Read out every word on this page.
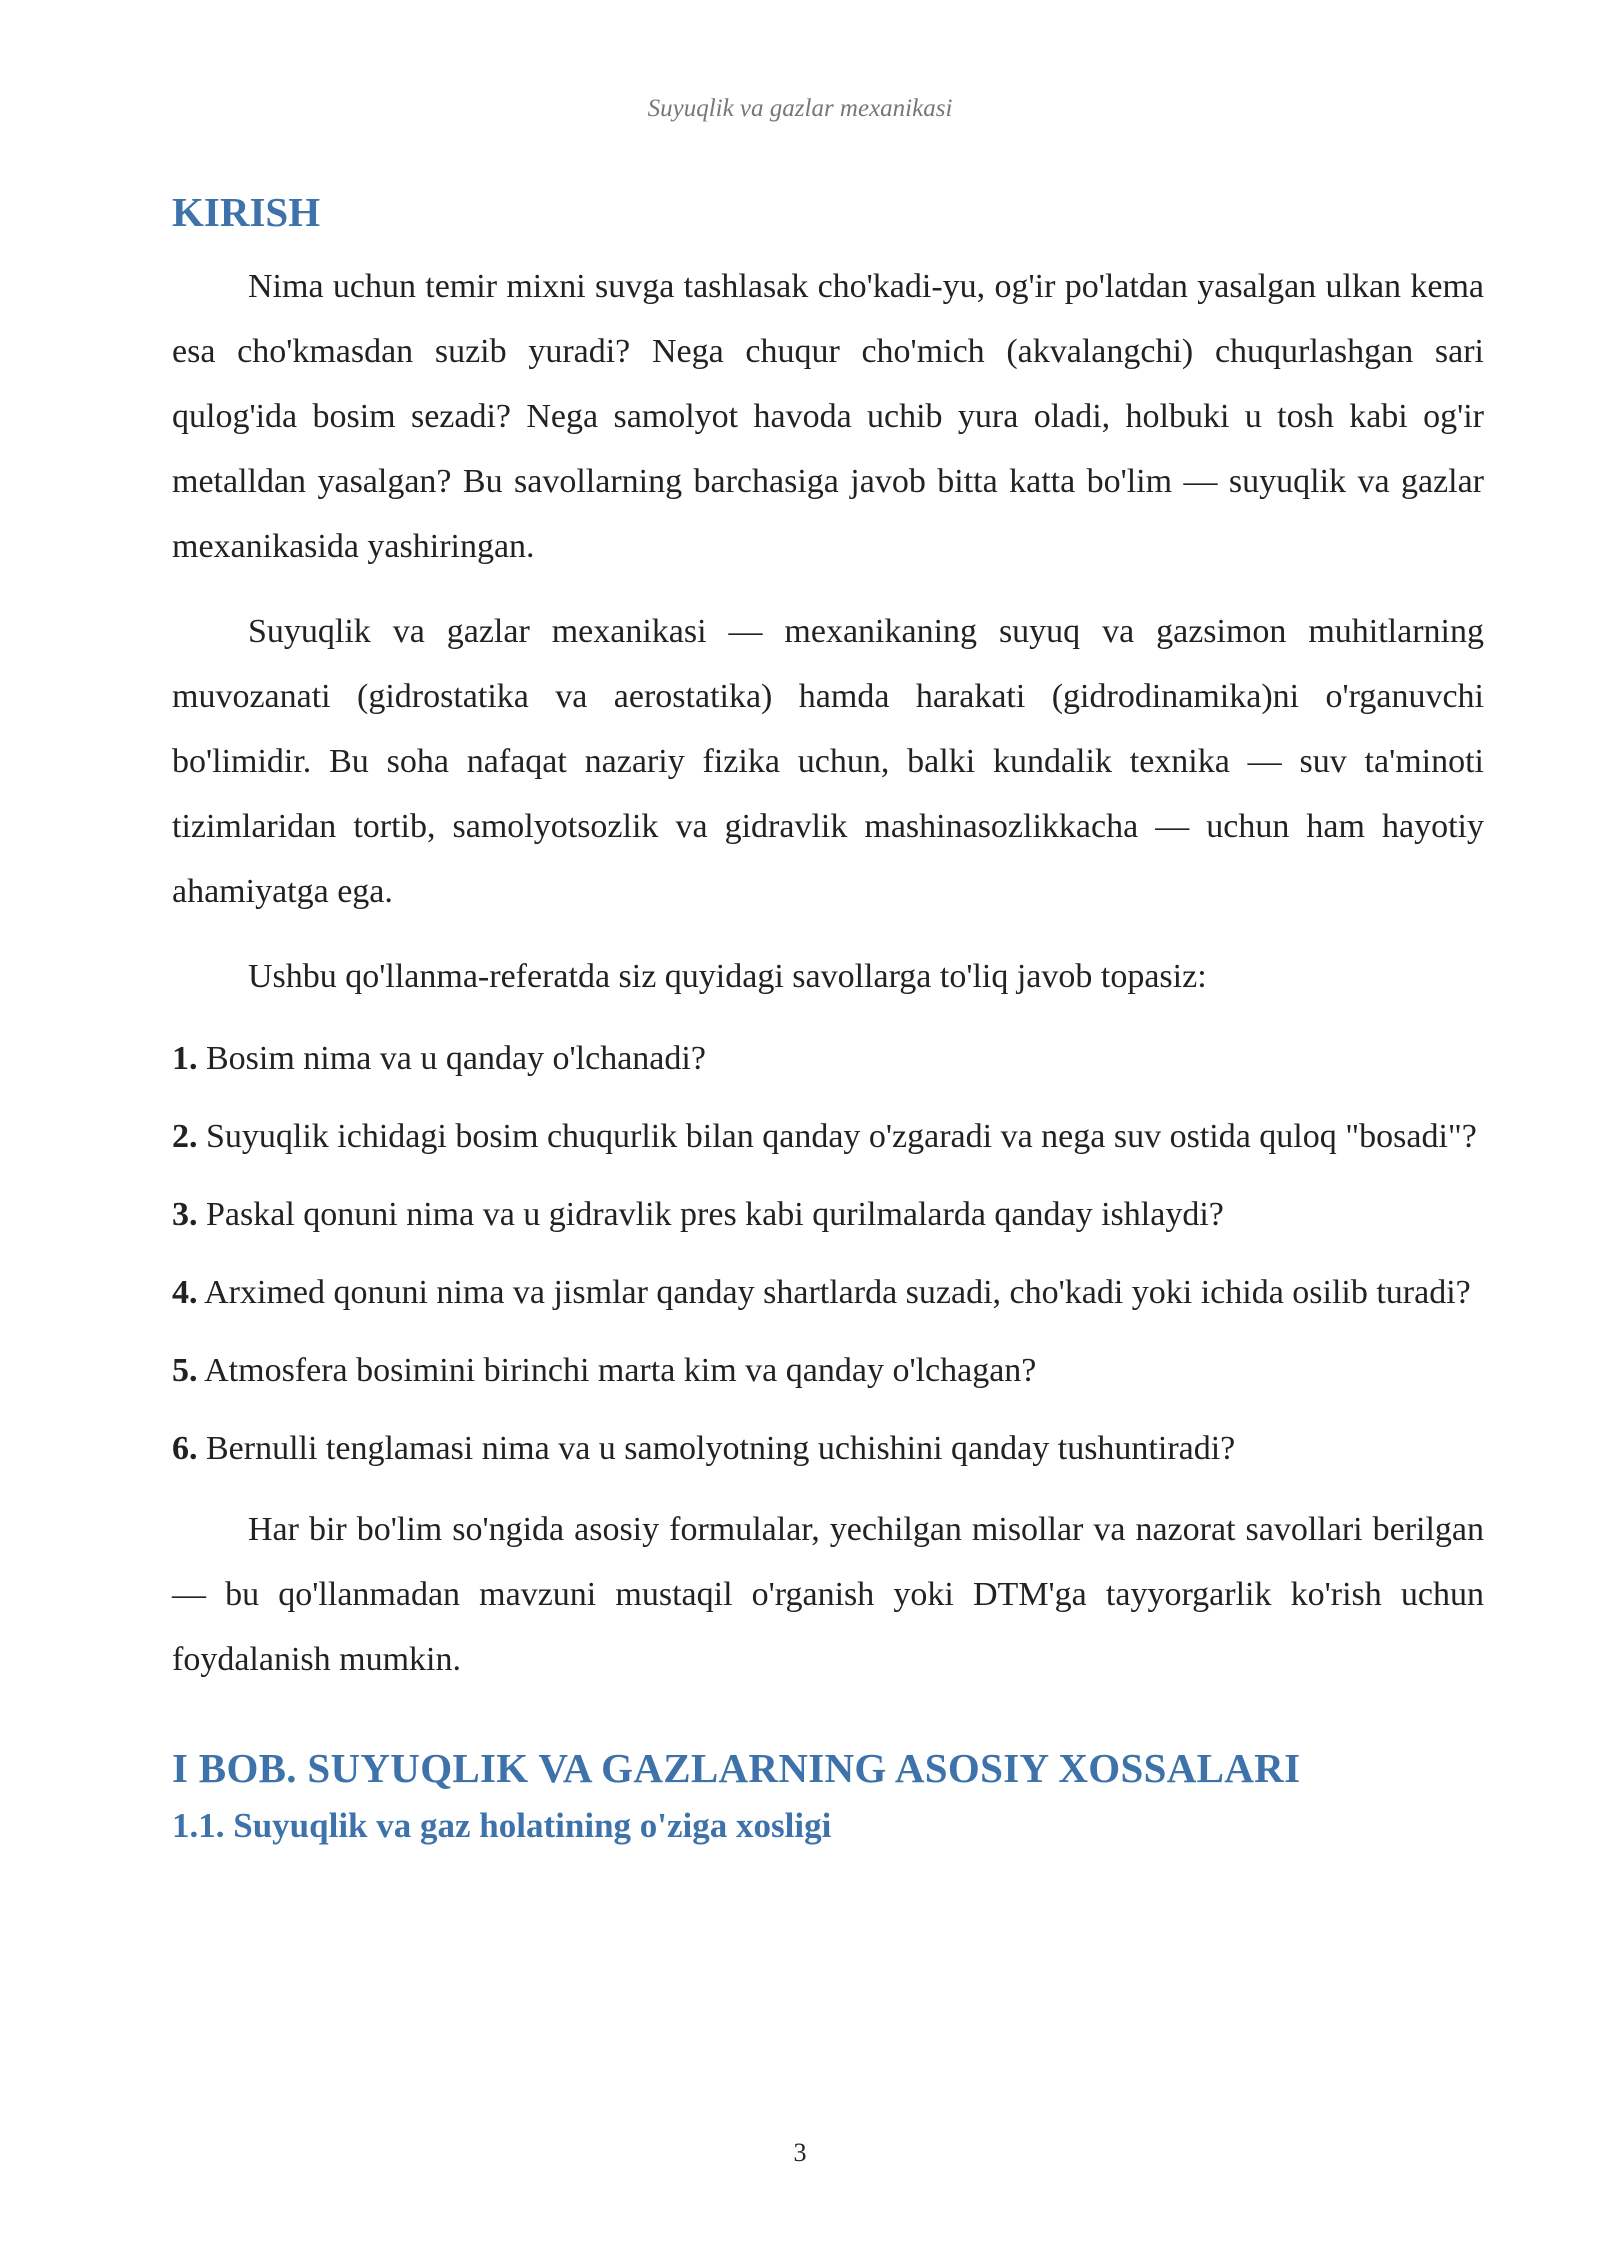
Suyuqlik va gazlar mexanikasi
KIRISH

Nima uchun temir mixni suvga tashlasak cho'kadi-yu, og'ir po'latdan yasalgan ulkan kema esa cho'kmasdan suzib yuradi? Nega chuqur cho'mich (akvalangchi) chuqurlashgan sari qulog'ida bosim sezadi? Nega samolyot havoda uchib yura oladi, holbuki u tosh kabi og'ir metalldan yasalgan? Bu savollarning barchasiga javob bitta katta bo'lim — suyuqlik va gazlar mexanikasida yashiringan.

Suyuqlik va gazlar mexanikasi — mexanikaning suyuq va gazsimon muhitlarning muvozanati (gidrostatika va aerostatika) hamda harakati (gidrodinamika)ni o'rganuvchi bo'limidir. Bu soha nafaqat nazariy fizika uchun, balki kundalik texnika — suv ta'minoti tizimlaridan tortib, samolyotsozlik va gidravlik mashinasozlikkacha — uchun ham hayotiy ahamiyatga ega.

Ushbu qo'llanma-referatda siz quyidagi savollarga to'liq javob topasiz:

1. Bosim nima va u qanday o'lchanadi?
2. Suyuqlik ichidagi bosim chuqurlik bilan qanday o'zgaradi va nega suv ostida quloq "bosadi"?
3. Paskal qonuni nima va u gidravlik pres kabi qurilmalarda qanday ishlaydi?
4. Arximed qonuni nima va jismlar qanday shartlarda suzadi, cho'kadi yoki ichida osilib turadi?
5. Atmosfera bosimini birinchi marta kim va qanday o'lchagan?
6. Bernulli tenglamasi nima va u samolyotning uchishini qanday tushuntiradi?

Har bir bo'lim so'ngida asosiy formulalar, yechilgan misollar va nazorat savollari berilgan — bu qo'llanmadan mavzuni mustaqil o'rganish yoki DTM'ga tayyorgarlik ko'rish uchun foydalanish mumkin.

I BOB. SUYUQLIK VA GAZLARNING ASOSIY XOSSALARI
1.1. Suyuqlik va gaz holatining o'ziga xosligi
3
